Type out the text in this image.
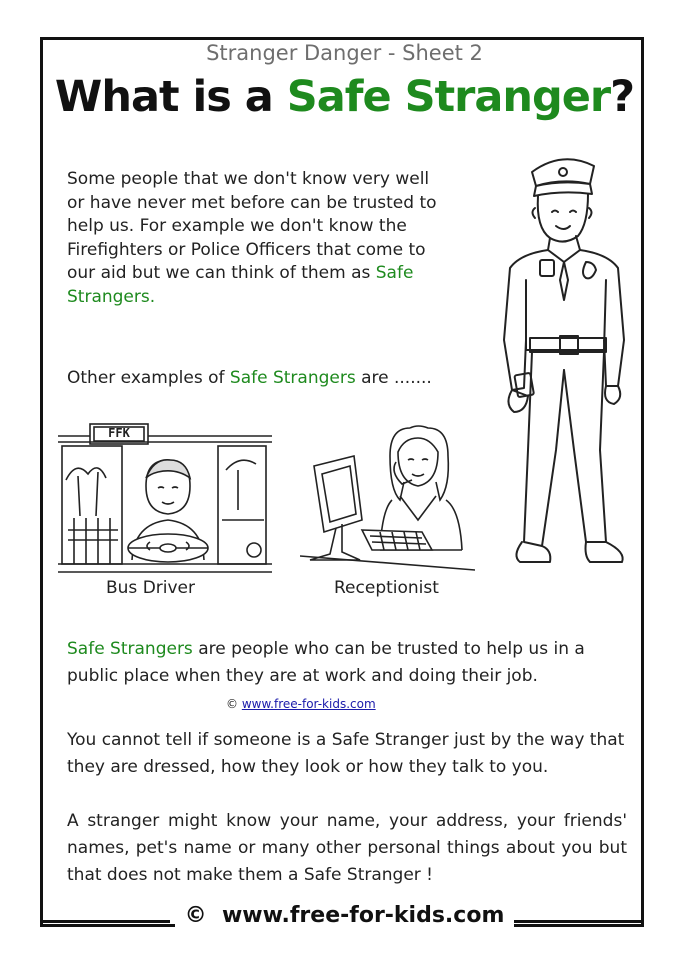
Stranger Danger - Sheet 2
What is a Safe Stranger?
Some people that we don't know very well or have never met before can be trusted to help us. For example we don't know the Firefighters or Police Officers that come to our aid but we can think of them as Safe Strangers.
Other examples of Safe Strangers are .......
FFK
Bus Driver	Receptionist
Safe Strangers are people who can be trusted to help us in a public place when they are at work and doing their job.
© www.free-for-kids.com
You cannot tell if someone is a Safe Stranger just by the way that they are dressed, how they look or how they talk to you.
A stranger might know your name, your address, your friends' names, pet's name or many other personal things about you but that does not make them a Safe Stranger !
© www.free-for-kids.com
